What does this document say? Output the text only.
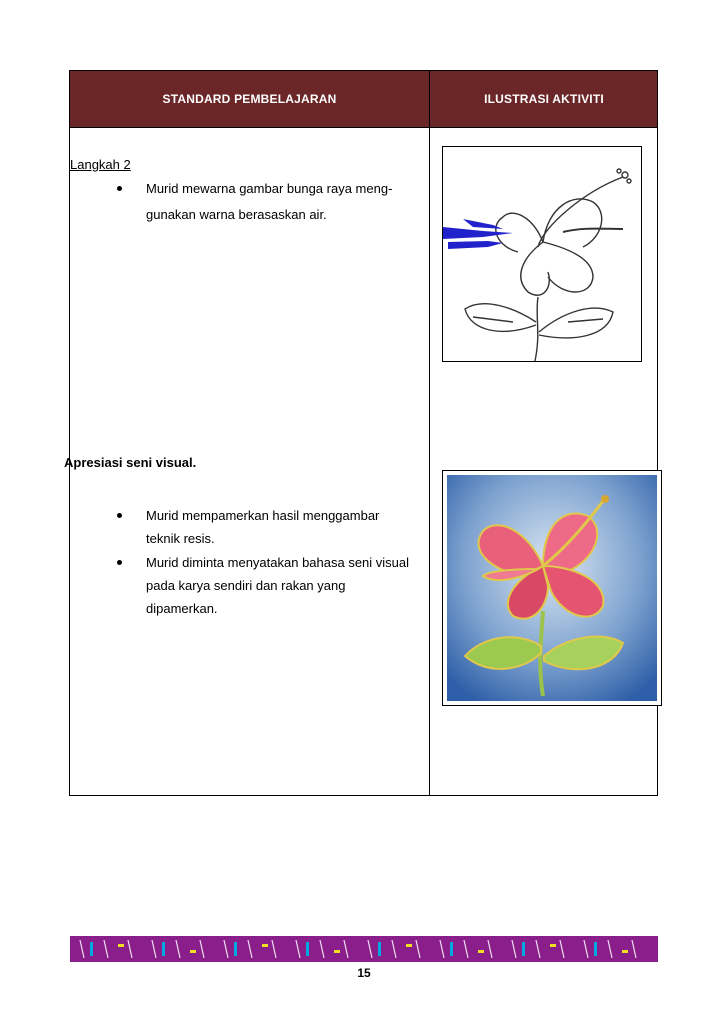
STANDARD PEMBELAJARAN	ILUSTRASI AKTIVITI
Langkah 2
Murid mewarna gambar bunga raya meng-
gunakan warna berasaskan air.
Apresiasi seni visual.
Murid mempamerkan hasil menggambar
teknik resis.
Murid diminta menyatakan bahasa seni visual
pada karya sendiri dan rakan yang
dipamerkan.
15
